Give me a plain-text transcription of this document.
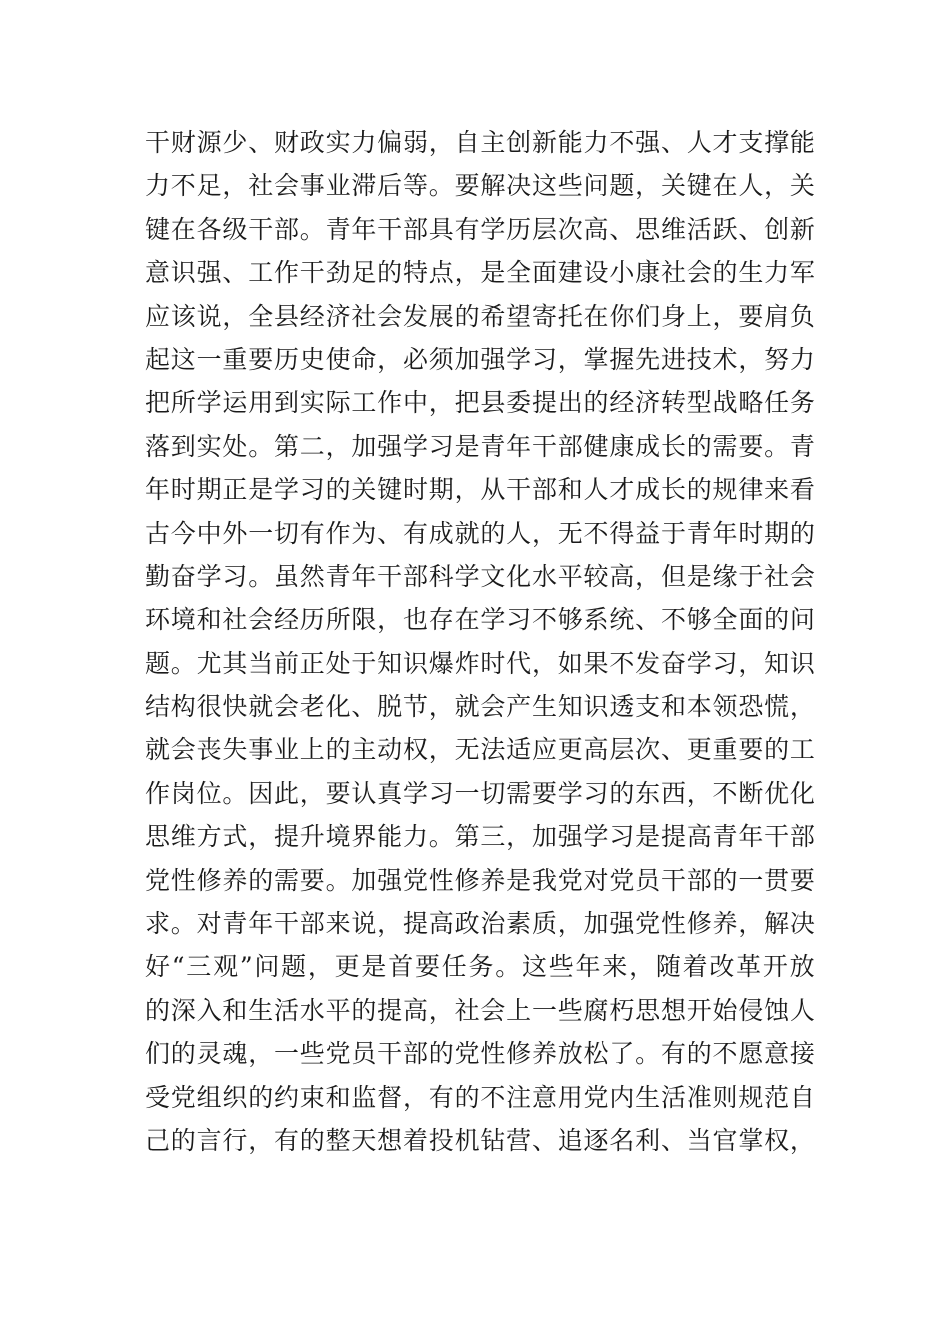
干财源少、财政实力偏弱，自主创新能力不强、人才支撑能
力不足，社会事业滞后等。要解决这些问题，关键在人，关
键在各级干部。青年干部具有学历层次高、思维活跃、创新
意识强、工作干劲足的特点，是全面建设小康社会的生力军
应该说，全县经济社会发展的希望寄托在你们身上，要肩负
起这一重要历史使命，必须加强学习，掌握先进技术，努力
把所学运用到实际工作中，把县委提出的经济转型战略任务
落到实处。第二，加强学习是青年干部健康成长的需要。青
年时期正是学习的关键时期，从干部和人才成长的规律来看
古今中外一切有作为、有成就的人，无不得益于青年时期的
勤奋学习。虽然青年干部科学文化水平较高，但是缘于社会
环境和社会经历所限，也存在学习不够系统、不够全面的问
题。尤其当前正处于知识爆炸时代，如果不发奋学习，知识
结构很快就会老化、脱节，就会产生知识透支和本领恐慌，
就会丧失事业上的主动权，无法适应更高层次、更重要的工
作岗位。因此，要认真学习一切需要学习的东西，不断优化
思维方式，提升境界能力。第三，加强学习是提高青年干部
党性修养的需要。加强党性修养是我党对党员干部的一贯要
求。对青年干部来说，提高政治素质，加强党性修养，解决
好“三观”问题，更是首要任务。这些年来，随着改革开放
的深入和生活水平的提高，社会上一些腐朽思想开始侵蚀人
们的灵魂，一些党员干部的党性修养放松了。有的不愿意接
受党组织的约束和监督，有的不注意用党内生活准则规范自
己的言行，有的整天想着投机钻营、追逐名利、当官掌权，
